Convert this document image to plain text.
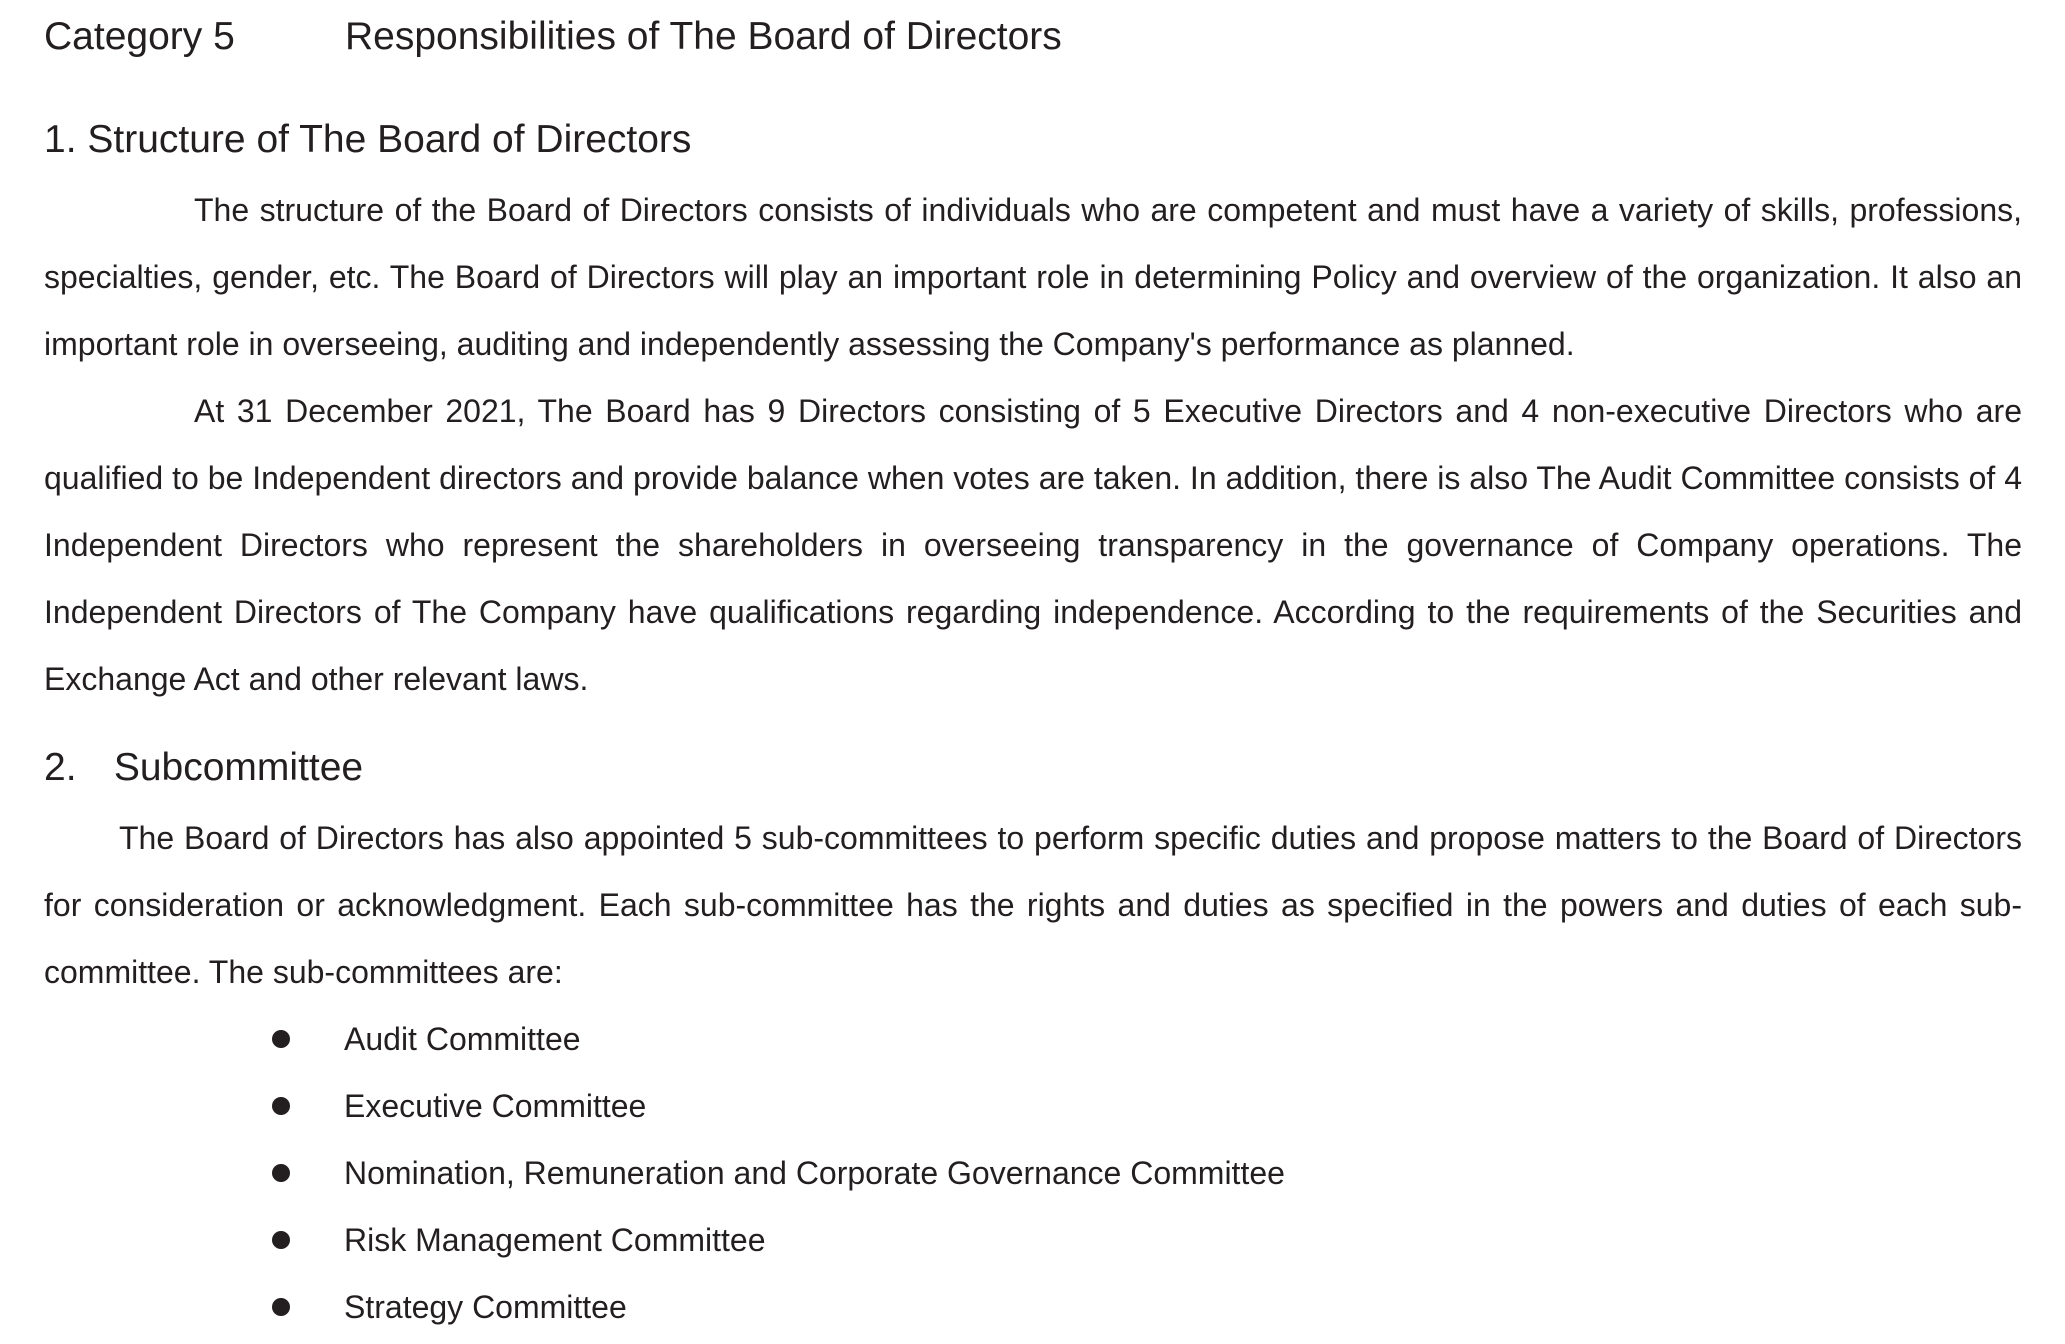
Category 5	Responsibilities of The Board of Directors
1. Structure of The Board of Directors

The structure of the Board of Directors consists of individuals who are competent and must have a variety of skills, professions, specialties, gender, etc. The Board of Directors will play an important role in determining Policy and overview of the organization. It also an important role in overseeing, auditing and independently assessing the Company's performance as planned.

At 31 December 2021, The Board has 9 Directors consisting of 5 Executive Directors and 4 non-executive Directors who are qualified to be Independent directors and provide balance when votes are taken. In addition, there is also The Audit Committee consists of 4 Independent Directors who represent the shareholders in overseeing transparency in the governance of Company operations. The Independent Directors of The Company have qualifications regarding independence. According to the requirements of the Securities and Exchange Act and other relevant laws.

2. Subcommittee

The Board of Directors has also appointed 5 sub-committees to perform specific duties and propose matters to the Board of Directors for consideration or acknowledgment. Each sub-committee has the rights and duties as specified in the powers and duties of each sub-committee. The sub-committees are:

Audit Committee
Executive Committee
Nomination, Remuneration and Corporate Governance Committee
Risk Management Committee
Strategy Committee
